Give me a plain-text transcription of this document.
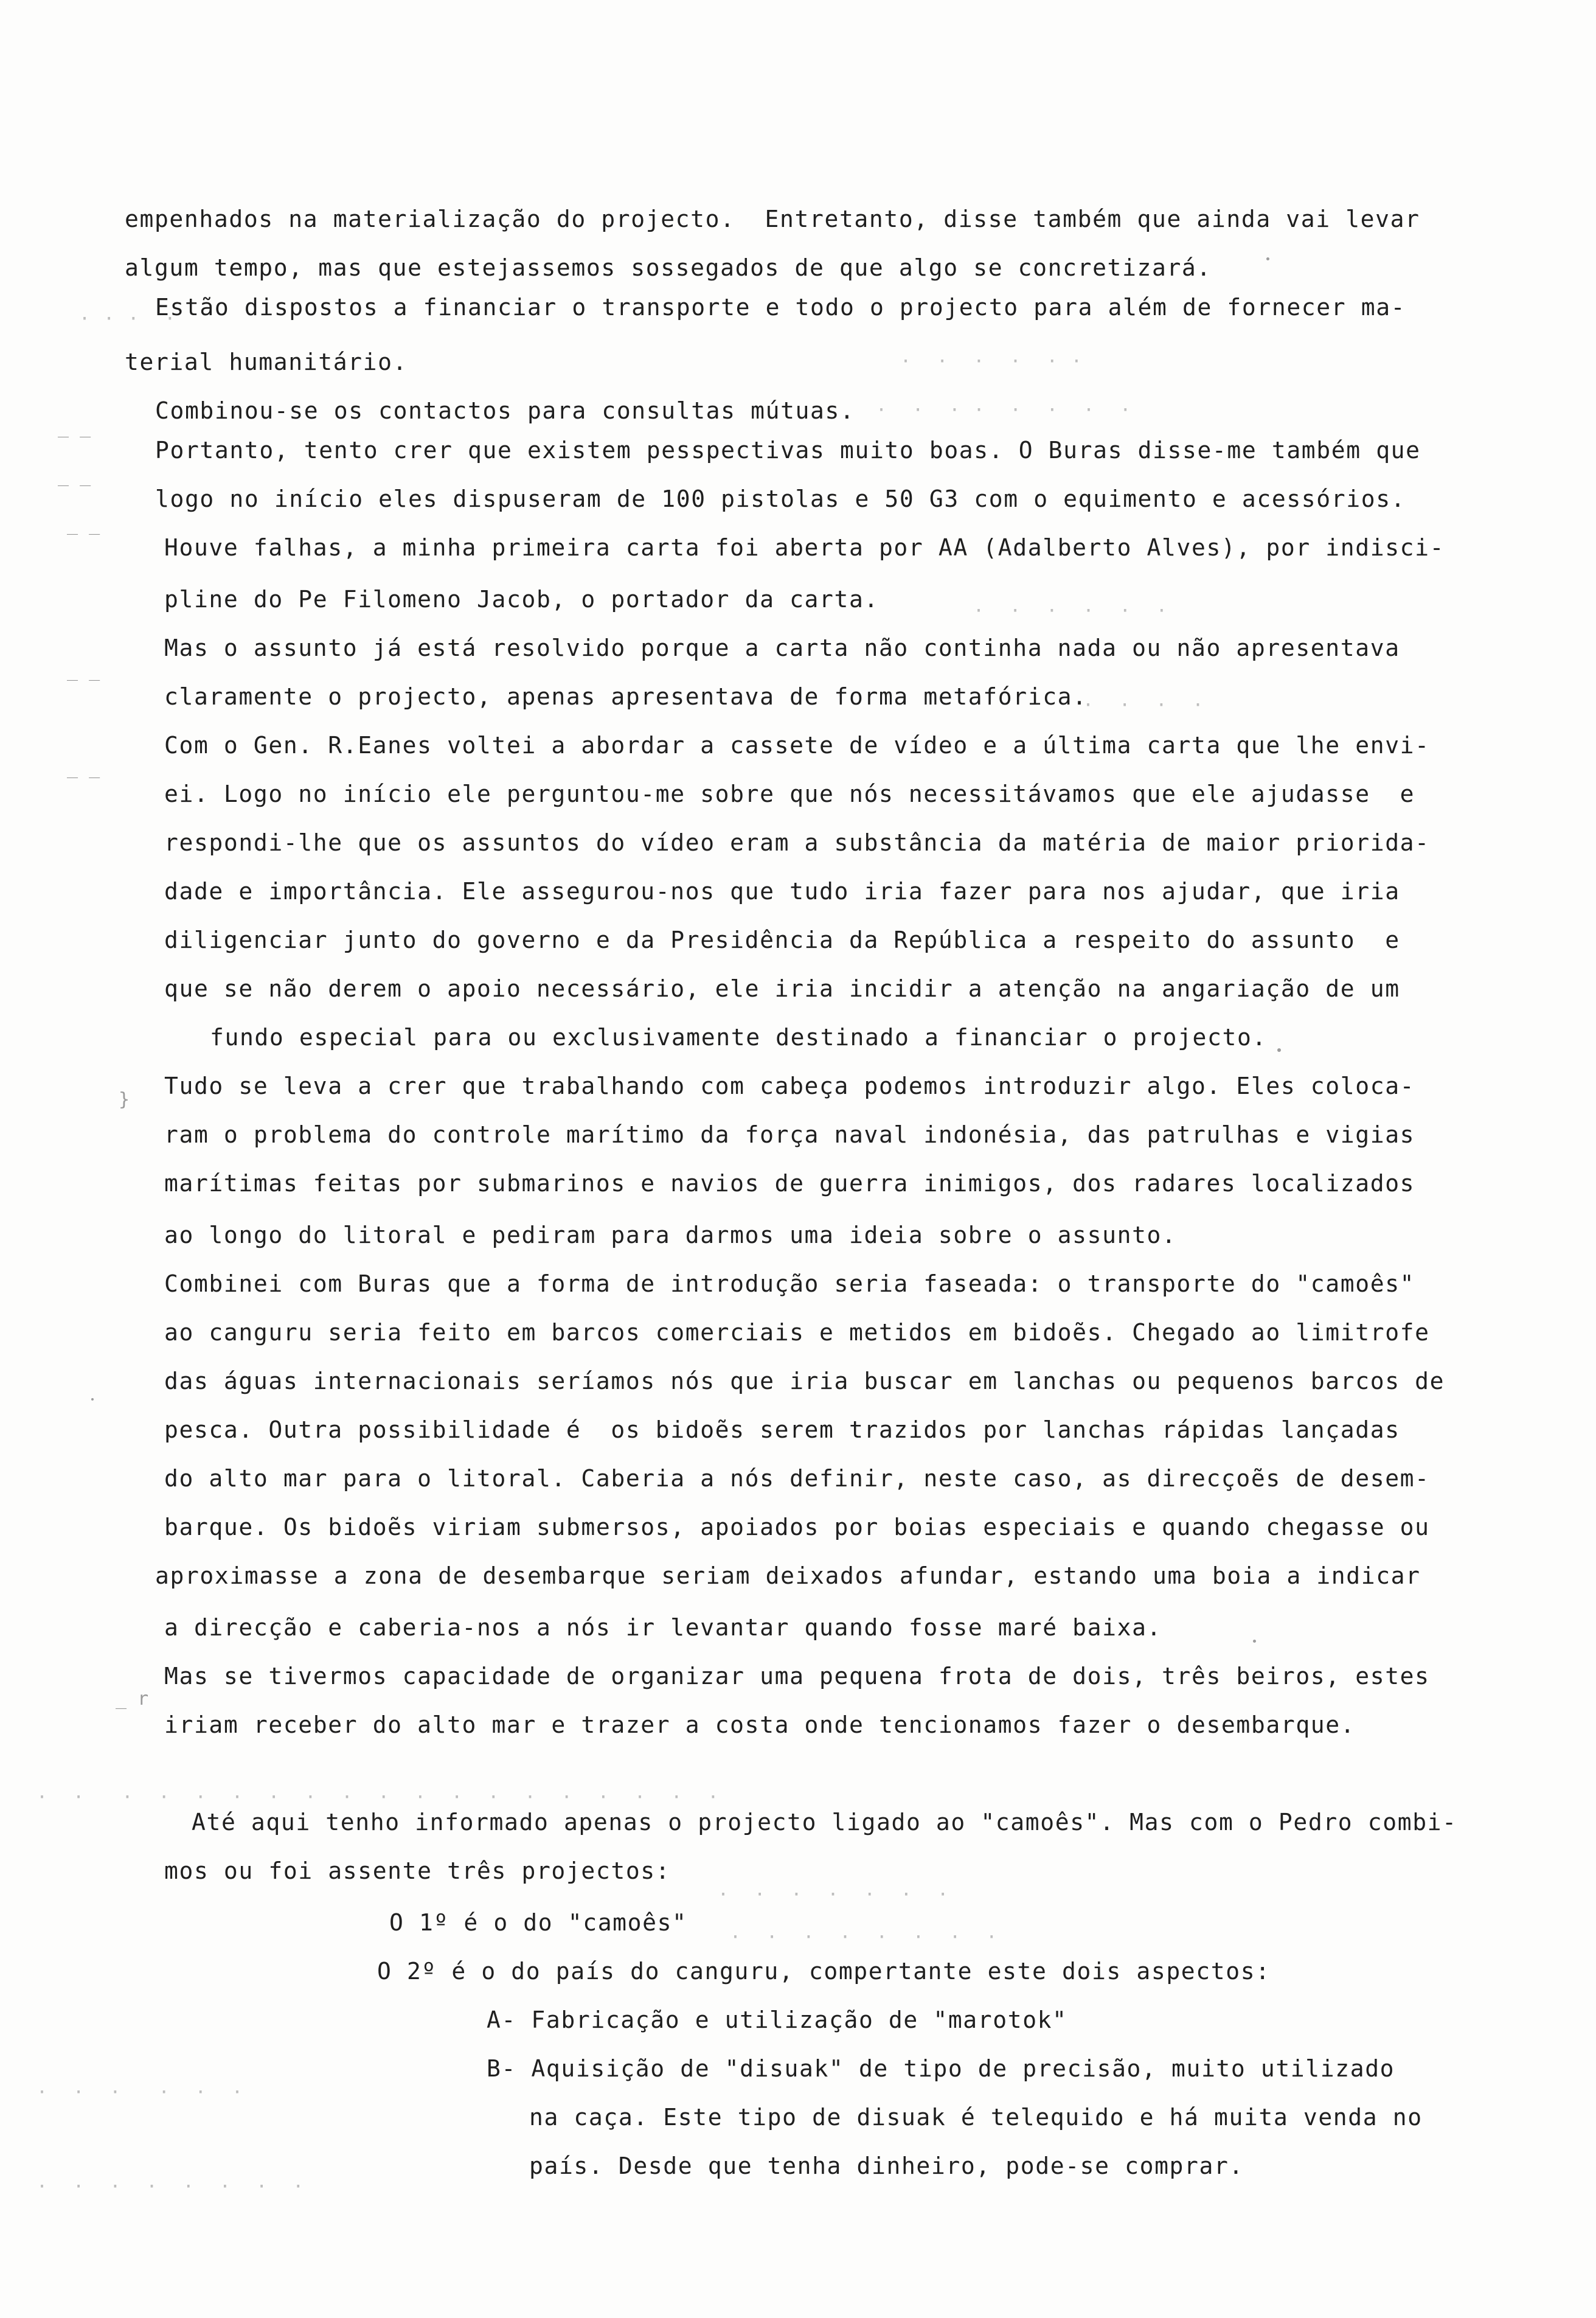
· · ·  ·
·  ·  ·  ·  · ·
·  ·  · ·  ·  ·  ·  ·
·  ·  ·  ·  ·  ·
·  ·  ·  ·
·  ·   ·  ·  ·  ·  ·  ·  ·  ·  ·  ·  ·  ·  ·  ·  ·  ·  ·
·  ·  ·  ·  ·  ·  ·
·  ·  ·  ·  ·  ·  ·  ·
·  ·  ·   ·  ·  ·
·  ·  ·  ·  ·  ·  ·  ·
_ _
_ _
_ _
_ _
_ _
}
_ r
empenhados na materialização do projecto.  Entretanto, disse também que ainda vai levar
algum tempo, mas que estejassemos sossegados de que algo se concretizará.
Estão dispostos a financiar o transporte e todo o projecto para além de fornecer ma-
terial humanitário.
Combinou-se os contactos para consultas mútuas.
Portanto, tento crer que existem pesspectivas muito boas. O Buras disse-me também que
logo no início eles dispuseram de 100 pistolas e 50 G3 com o equimento e acessórios.
Houve falhas, a minha primeira carta foi aberta por AA (Adalberto Alves), por indisci-
pline do Pe Filomeno Jacob, o portador da carta.
Mas o assunto já está resolvido porque a carta não continha nada ou não apresentava
claramente o projecto, apenas apresentava de forma metafórica.
Com o Gen. R.Eanes voltei a abordar a cassete de vídeo e a última carta que lhe envi-
ei. Logo no início ele perguntou-me sobre que nós necessitávamos que ele ajudasse  e
respondi-lhe que os assuntos do vídeo eram a substância da matéria de maior priorida-
dade e importância. Ele assegurou-nos que tudo iria fazer para nos ajudar, que iria
diligenciar junto do governo e da Presidência da República a respeito do assunto  e
que se não derem o apoio necessário, ele iria incidir a atenção na angariação de um
fundo especial para ou exclusivamente destinado a financiar o projecto.
Tudo se leva a crer que trabalhando com cabeça podemos introduzir algo. Eles coloca-
ram o problema do controle marítimo da força naval indonésia, das patrulhas e vigias
marítimas feitas por submarinos e navios de guerra inimigos, dos radares localizados
ao longo do litoral e pediram para darmos uma ideia sobre o assunto.
Combinei com Buras que a forma de introdução seria faseada: o transporte do "camoês"
ao canguru seria feito em barcos comerciais e metidos em bidoẽs. Chegado ao limitrofe
das águas internacionais seríamos nós que iria buscar em lanchas ou pequenos barcos de
pesca. Outra possibilidade é  os bidoẽs serem trazidos por lanchas rápidas lançadas
do alto mar para o litoral. Caberia a nós definir, neste caso, as direcçoẽs de desem-
barque. Os bidoẽs viriam submersos, apoiados por boias especiais e quando chegasse ou
aproximasse a zona de desembarque seriam deixados afundar, estando uma boia a indicar
a direcção e caberia-nos a nós ir levantar quando fosse maré baixa.
Mas se tivermos capacidade de organizar uma pequena frota de dois, três beiros, estes
iriam receber do alto mar e trazer a costa onde tencionamos fazer o desembarque.
Até aqui tenho informado apenas o projecto ligado ao "camoês". Mas com o Pedro combi-
mos ou foi assente três projectos:
O 1º é o do "camoês"
O 2º é o do país do canguru, compertante este dois aspectos:
A- Fabricação e utilização de "marotok"
B- Aquisição de "disuak" de tipo de precisão, muito utilizado
na caça. Este tipo de disuak é telequido e há muita venda no
país. Desde que tenha dinheiro, pode-se comprar.
